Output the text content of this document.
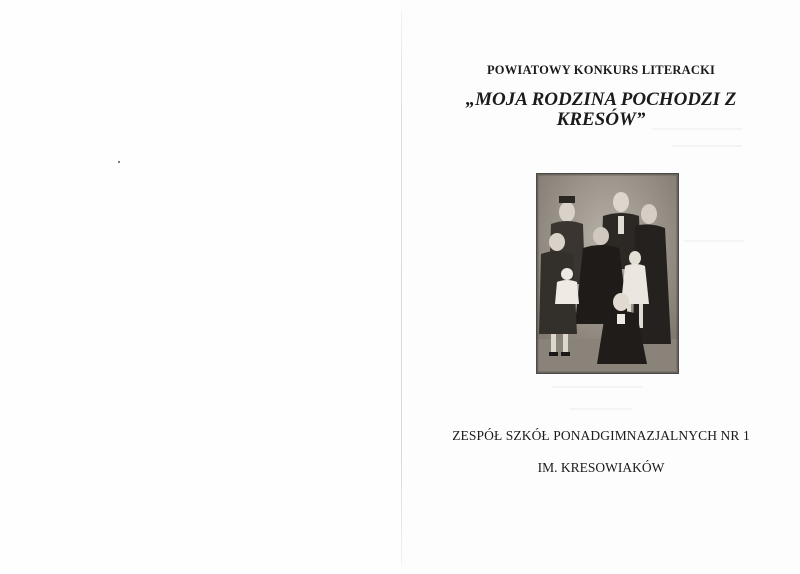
POWIATOWY KONKURS LITERACKI
„MOJA RODZINA POCHODZI Z KRESÓW”
ZESPÓŁ SZKÓŁ PONADGIMNAZJALNYCH NR 1
IM. KRESOWIAKÓW
